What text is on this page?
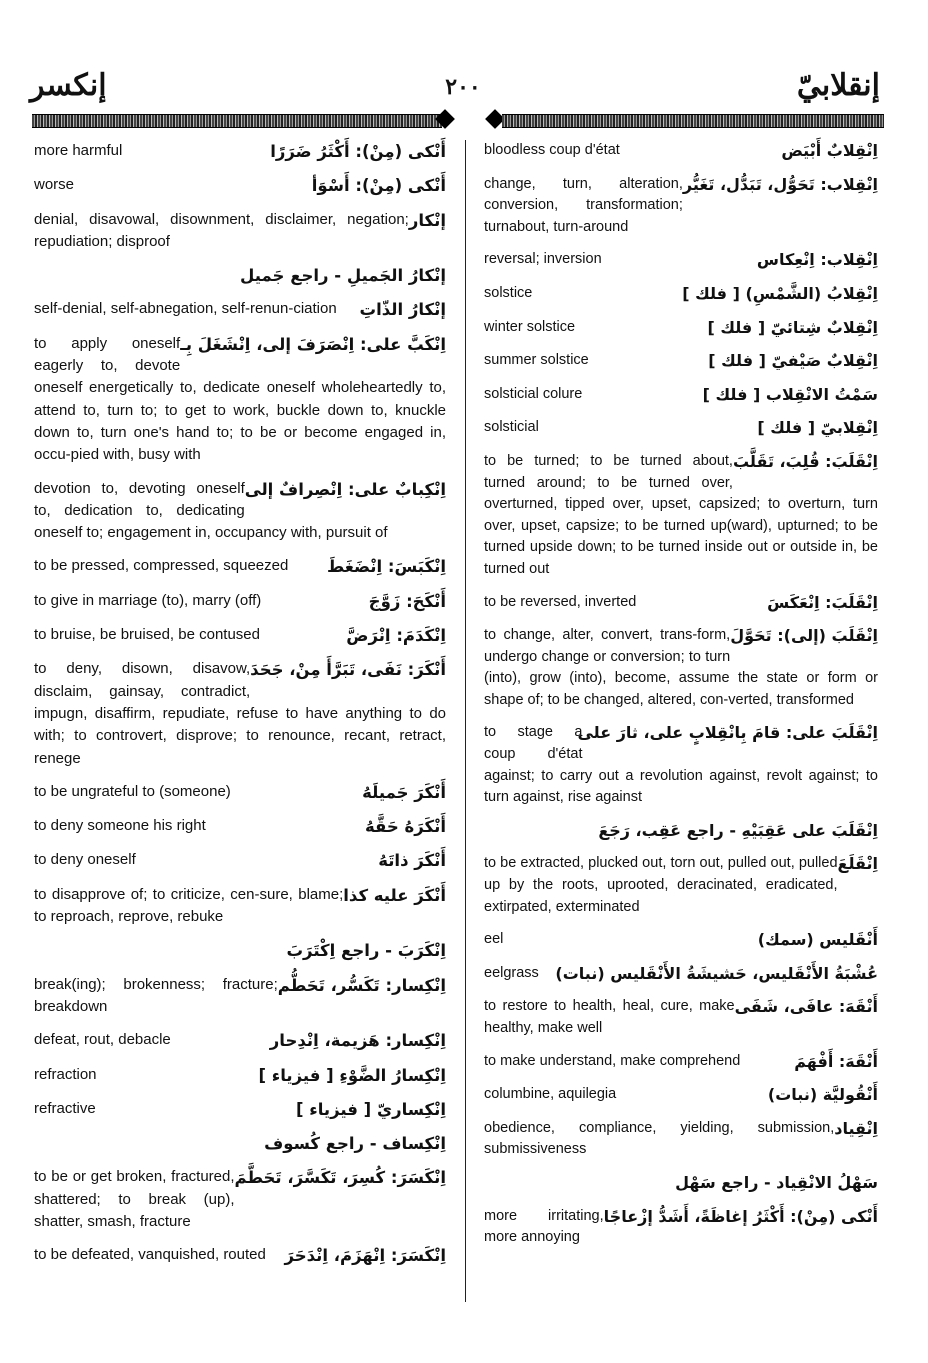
إنكسر	٢٠٠	إنقلابيّ
أَنْكى (مِنْ): أَكْثَرُ ضَرَرًا
more harmful
أَنْكى (مِنْ): أَسْوَأ
worse
إنْكار
denial, disavowal, disownment, disclaimer, negation; repudiation; disproof
إنْكارُ الجَميلِ - راجع جَميل
إنْكارُ الذّاتِ
self-denial, self-abnegation, self-renun-ciation
اِنْكَبَّ على: اِنْصَرَفَ إلى، اِنْشَغَلَ بِـ
to apply oneself eagerly to, devote oneself energetically to, dedicate oneself wholeheartedly to, attend to, turn to; to get to work, buckle down to, knuckle down to, turn one's hand to; to be or become engaged in, occu-pied with, busy with
اِنْكِبابٌ على: اِنْصِرافٌ إلى
devotion to, devoting oneself to, dedication to, dedicating oneself to; engagement in, occupancy with, pursuit of
اِنْكَبَسَ: اِنْضَغَطَ
to be pressed, compressed, squeezed
أَنْكَحَ: زَوَّجَ
to give in marriage (to), marry (off)
اِنْكَدَمَ: اِنْرَضَّ
to bruise, be bruised, be contused
أَنْكَرَ: نَفَى، تَبَرَّأَ مِنْ، جَحَدَ
to deny, disown, disavow, disclaim, gainsay, contradict, impugn, disaffirm, repudiate, refuse to have anything to do with; to controvert, disprove; to renounce, recant, retract, renege
أَنْكَرَ جَميلَهُ
to be ungrateful to (someone)
أَنْكَرَهُ حَقَّهُ
to deny someone his right
أَنْكَرَ ذاتَهُ
to deny oneself
أَنْكَرَ عليه كذا
to disapprove of; to criticize, cen-sure, blame; to reproach, reprove, rebuke
اِنْكَرَبَ - راجع اِكْتَرَبَ
اِنْكِسار: تَكَسُّر، تَحَطُّم
break(ing); brokenness; fracture; breakdown
اِنْكِسار: هَزيمة، اِنْدِحار
defeat, rout, debacle
اِنْكِسارُ الضَّوْءِ [ فيزياء ]
refraction
اِنْكِساريّ [ فيزياء ]
refractive
اِنْكِساف - راجع كُسوف
اِنْكَسَرَ: كُسِرَ، تَكَسَّرَ، تَحَطَّمَ
to be or get broken, fractured, shattered; to break (up), shatter, smash, fracture
اِنْكَسَرَ: اِنْهَزَمَ، اِنْدَحَرَ
to be defeated, vanquished, routed
اِنْقِلابٌ أَبْيَض
bloodless coup d'état
اِنْقِلاب: تَحَوُّل، تَبَدُّل، تَغَيُّر
change, turn, alteration, conversion, transformation; turnabout, turn-around
اِنْقِلاب: اِنْعِكاس
reversal; inversion
اِنْقِلابُ (الشَّمْسِ) [ فلك ]
solstice
اِنْقِلابٌ شِتائيّ [ فلك ]
winter solstice
اِنْقِلابٌ صَيْفيّ [ فلك ]
summer solstice
سَمْتُ الانْقِلاب [ فلك ]
solsticial colure
اِنْقِلابيّ [ فلك ]
solsticial
اِنْقَلَبَ: قُلِبَ، تَقَلَّبَ
to be turned; to be turned about, turned around; to be turned over, overturned, tipped over, upset, capsized; to overturn, turn over, upset, capsize; to be turned up(ward), upturned; to be turned upside down; to be turned inside out or outside in, be turned out
اِنْقَلَبَ: اِنْعَكَسَ
to be reversed, inverted
اِنْقَلَبَ (إلى): تَحَوَّلَ
to change, alter, convert, trans-form, undergo change or conversion; to turn (into), grow (into), become, assume the state or form or shape of; to be changed, altered, con-verted, transformed
اِنْقَلَبَ على: قامَ بِانْقِلابٍ على، ثارَ على
to stage a coup d'état against; to carry out a revolution against, revolt against; to turn against, rise against
اِنْقَلَبَ على عَقِبَيْهِ - راجع عَقِب، رَجَعَ
اِنْقَلَعَ
to be extracted, plucked out, torn out, pulled out, pulled up by the roots, uprooted, deracinated, eradicated, extirpated, exterminated
أَنْقَليس (سمك)
eel
عُشْبَةُ الأَنْقَليس، حَشيشَةُ الأَنْقَليس (نبات)
eelgrass
أَنْقَهَ: عافَى، شَفَى
to restore to health, heal, cure, make healthy, make well
أَنْقَهَ: أَفْهَمَ
to make understand, make comprehend
أَنْقُوليَّة (نبات)
columbine, aquilegia
اِنْقِياد
obedience, compliance, yielding, submission, submissiveness
سَهْلُ الانْقِياد - راجع سَهْل
أَنْكى (مِنْ): أَكْثَرُ إغاظَةً، أَشَدُّ إزْعاجًا
more irritating, more annoying
